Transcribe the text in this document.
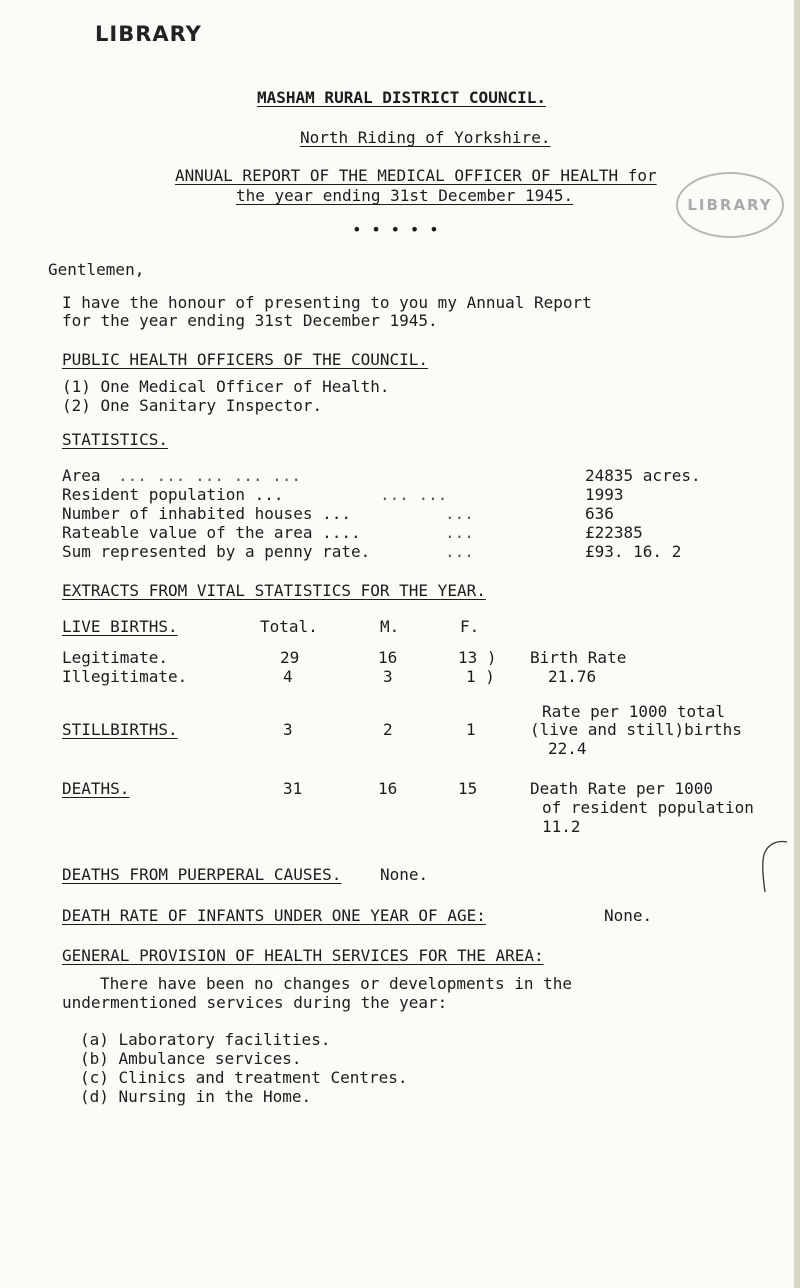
LIBRARY
MASHAM RURAL DISTRICT COUNCIL.
North Riding of Yorkshire.
ANNUAL REPORT OF THE MEDICAL OFFICER OF HEALTH for
the year ending 31st December 1945.
• • • • •
LIBRARY
Gentlemen,
I have the honour of presenting to you my Annual Report
for the year ending 31st December 1945.
PUBLIC HEALTH OFFICERS OF THE COUNCIL.
(1) One Medical Officer of Health.
(2) One Sanitary Inspector.
STATISTICS.
Area ... ... ... ... ...	24835 acres.
Resident population ...	... ...	1993
Number of inhabited houses ...	...	636
Rateable value of the area ....	...	£22385
Sum represented by a penny rate.	...	£93. 16. 2
EXTRACTS FROM VITAL STATISTICS FOR THE YEAR.
LIVE BIRTHS.	Total.	M.	F.
Legitimate.	29	16	13 ) Birth Rate
Illegitimate.	4	3	1 )	21.76
Rate per 1000 total
STILLBIRTHS.	3	2	1	(live and still)births
22.4
DEATHS.	31	16	15	Death Rate per 1000
of resident population
11.2
DEATHS FROM PUERPERAL CAUSES. None.
DEATH RATE OF INFANTS UNDER ONE YEAR OF AGE:	None.
GENERAL PROVISION OF HEALTH SERVICES FOR THE AREA:
There have been no changes or developments in the
undermentioned services during the year:
(a) Laboratory facilities.
(b) Ambulance services.
(c) Clinics and treatment Centres.
(d) Nursing in the Home.
